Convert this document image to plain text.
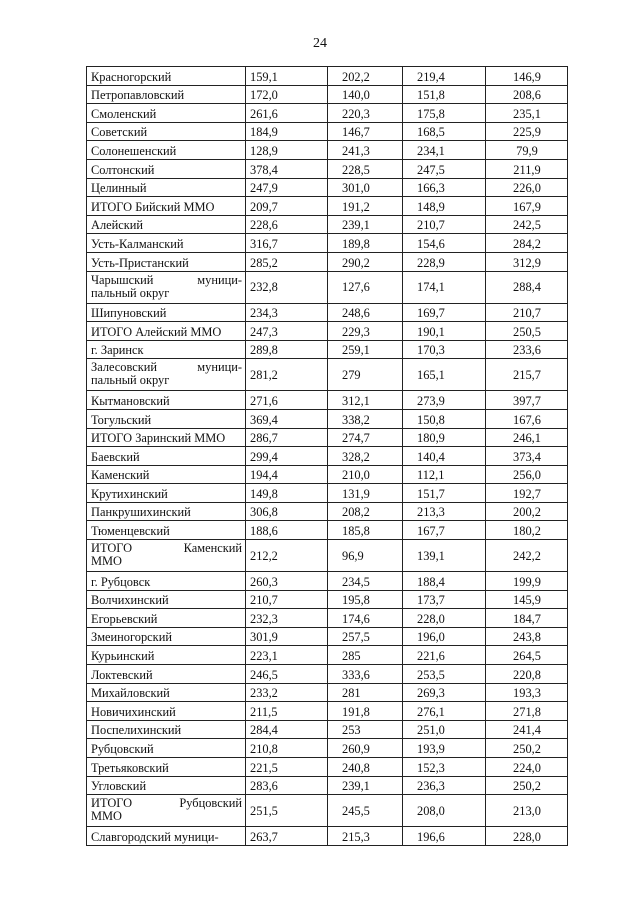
24
Красногорский	159,1	202,2	219,4	146,9
Петропавловский	172,0	140,0	151,8	208,6
Смоленский	261,6	220,3	175,8	235,1
Советский	184,9	146,7	168,5	225,9
Солонешенский	128,9	241,3	234,1	79,9
Солтонский	378,4	228,5	247,5	211,9
Целинный	247,9	301,0	166,3	226,0
ИТОГО Бийский ММО	209,7	191,2	148,9	167,9
Алейский	228,6	239,1	210,7	242,5
Усть-Калманский	316,7	189,8	154,6	284,2
Усть-Пристанский	285,2	290,2	228,9	312,9

Чарышский муници-
пальный округ	232,8	127,6	174,1	288,4
Шипуновский	234,3	248,6	169,7	210,7
ИТОГО Алейский ММО	247,3	229,3	190,1	250,5
г. Заринск	289,8	259,1	170,3	233,6

Залесовский муници-
пальный округ	281,2	279	165,1	215,7
Кытмановский	271,6	312,1	273,9	397,7
Тогульский	369,4	338,2	150,8	167,6
ИТОГО Заринский ММО	286,7	274,7	180,9	246,1
Баевский	299,4	328,2	140,4	373,4
Каменский	194,4	210,0	112,1	256,0
Крутихинский	149,8	131,9	151,7	192,7
Панкрушихинский	306,8	208,2	213,3	200,2
Тюменцевский	188,6	185,8	167,7	180,2

ИТОГО Каменский
ММО	212,2	96,9	139,1	242,2
г. Рубцовск	260,3	234,5	188,4	199,9
Волчихинский	210,7	195,8	173,7	145,9
Егорьевский	232,3	174,6	228,0	184,7
Змеиногорский	301,9	257,5	196,0	243,8
Курьинский	223,1	285	221,6	264,5
Локтевский	246,5	333,6	253,5	220,8
Михайловский	233,2	281	269,3	193,3
Новичихинский	211,5	191,8	276,1	271,8
Поспелихинский	284,4	253	251,0	241,4
Рубцовский	210,8	260,9	193,9	250,2
Третьяковский	221,5	240,8	152,3	224,0
Угловский	283,6	239,1	236,3	250,2

ИТОГО Рубцовский
ММО	251,5	245,5	208,0	213,0
Славгородский муници-	263,7	215,3	196,6	228,0
